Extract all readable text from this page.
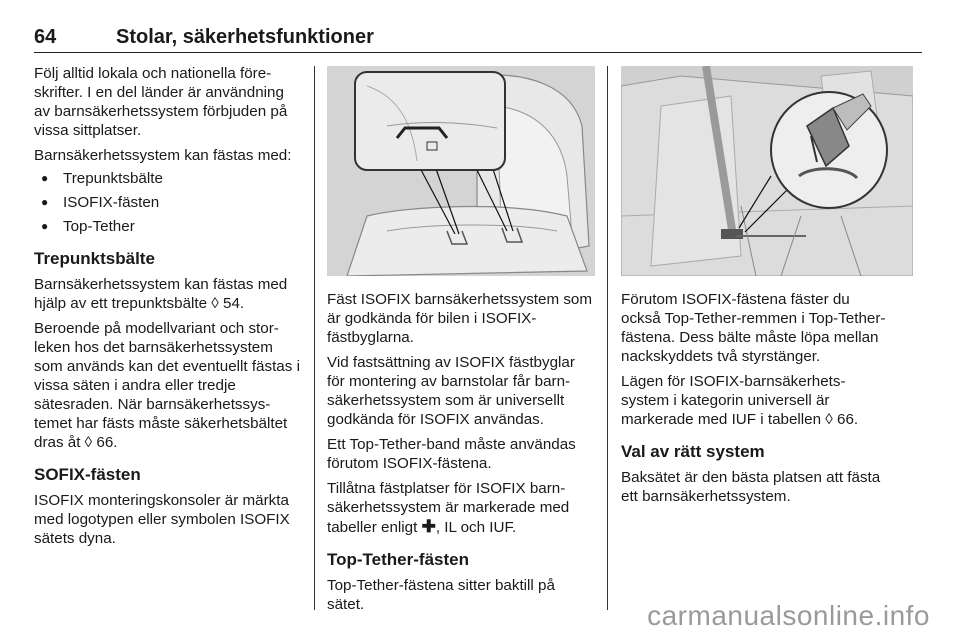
64	Stolar, säkerhetsfunktioner

Följ alltid lokala och nationella före-skrifter. I en del länder är användning av barnsäkerhetssystem förbjuden på vissa sittplatser.

Barnsäkerhetssystem kan fästas med:

● Trepunktsbälte
● ISOFIX-fästen
● Top-Tether
Trepunktsbälte

Barnsäkerhetssystem kan fästas med hjälp av ett trepunktsbälte ◊ 54.

Beroende på modellvariant och stor-leken hos det barnsäkerhetssystem som används kan det eventuellt fästas i vissa säten i andra eller tredje sätesraden. När barnsäkerhetssys-temet har fästs måste säkerhetsbältet dras åt ◊ 66.

SOFIX-fästen

ISOFIX monteringskonsoler är märkta med logotypen eller symbolen ISOFIX sätets dyna.

Fäst ISOFIX barnsäkerhetssystem som är godkända för bilen i ISOFIX-fästbyglarna.

Vid fastsättning av ISOFIX fästbyglar för montering av barnstolar får barn-säkerhetssystem som är universellt godkända för ISOFIX användas.

Ett Top-Tether-band måste användas förutom ISOFIX-fästena.

Tillåtna fästplatser för ISOFIX barn-säkerhetssystem är markerade med tabeller enligt ✚, IL och IUF.

Top-Tether-fästen

Top-Tether-fästena sitter baktill på sätet.

Förutom ISOFIX-fästena fäster du också Top-Tether-remmen i Top-Tether-fästena. Dess bälte måste löpa mellan nackskyddets två styrstänger.

Lägen för ISOFIX-barnsäkerhets-system i kategorin universell är markerade med IUF i tabellen ◊ 66.

Val av rätt system

Baksätet är den bästa platsen att fästa ett barnsäkerhetssystem.

carmanualsonline.info
